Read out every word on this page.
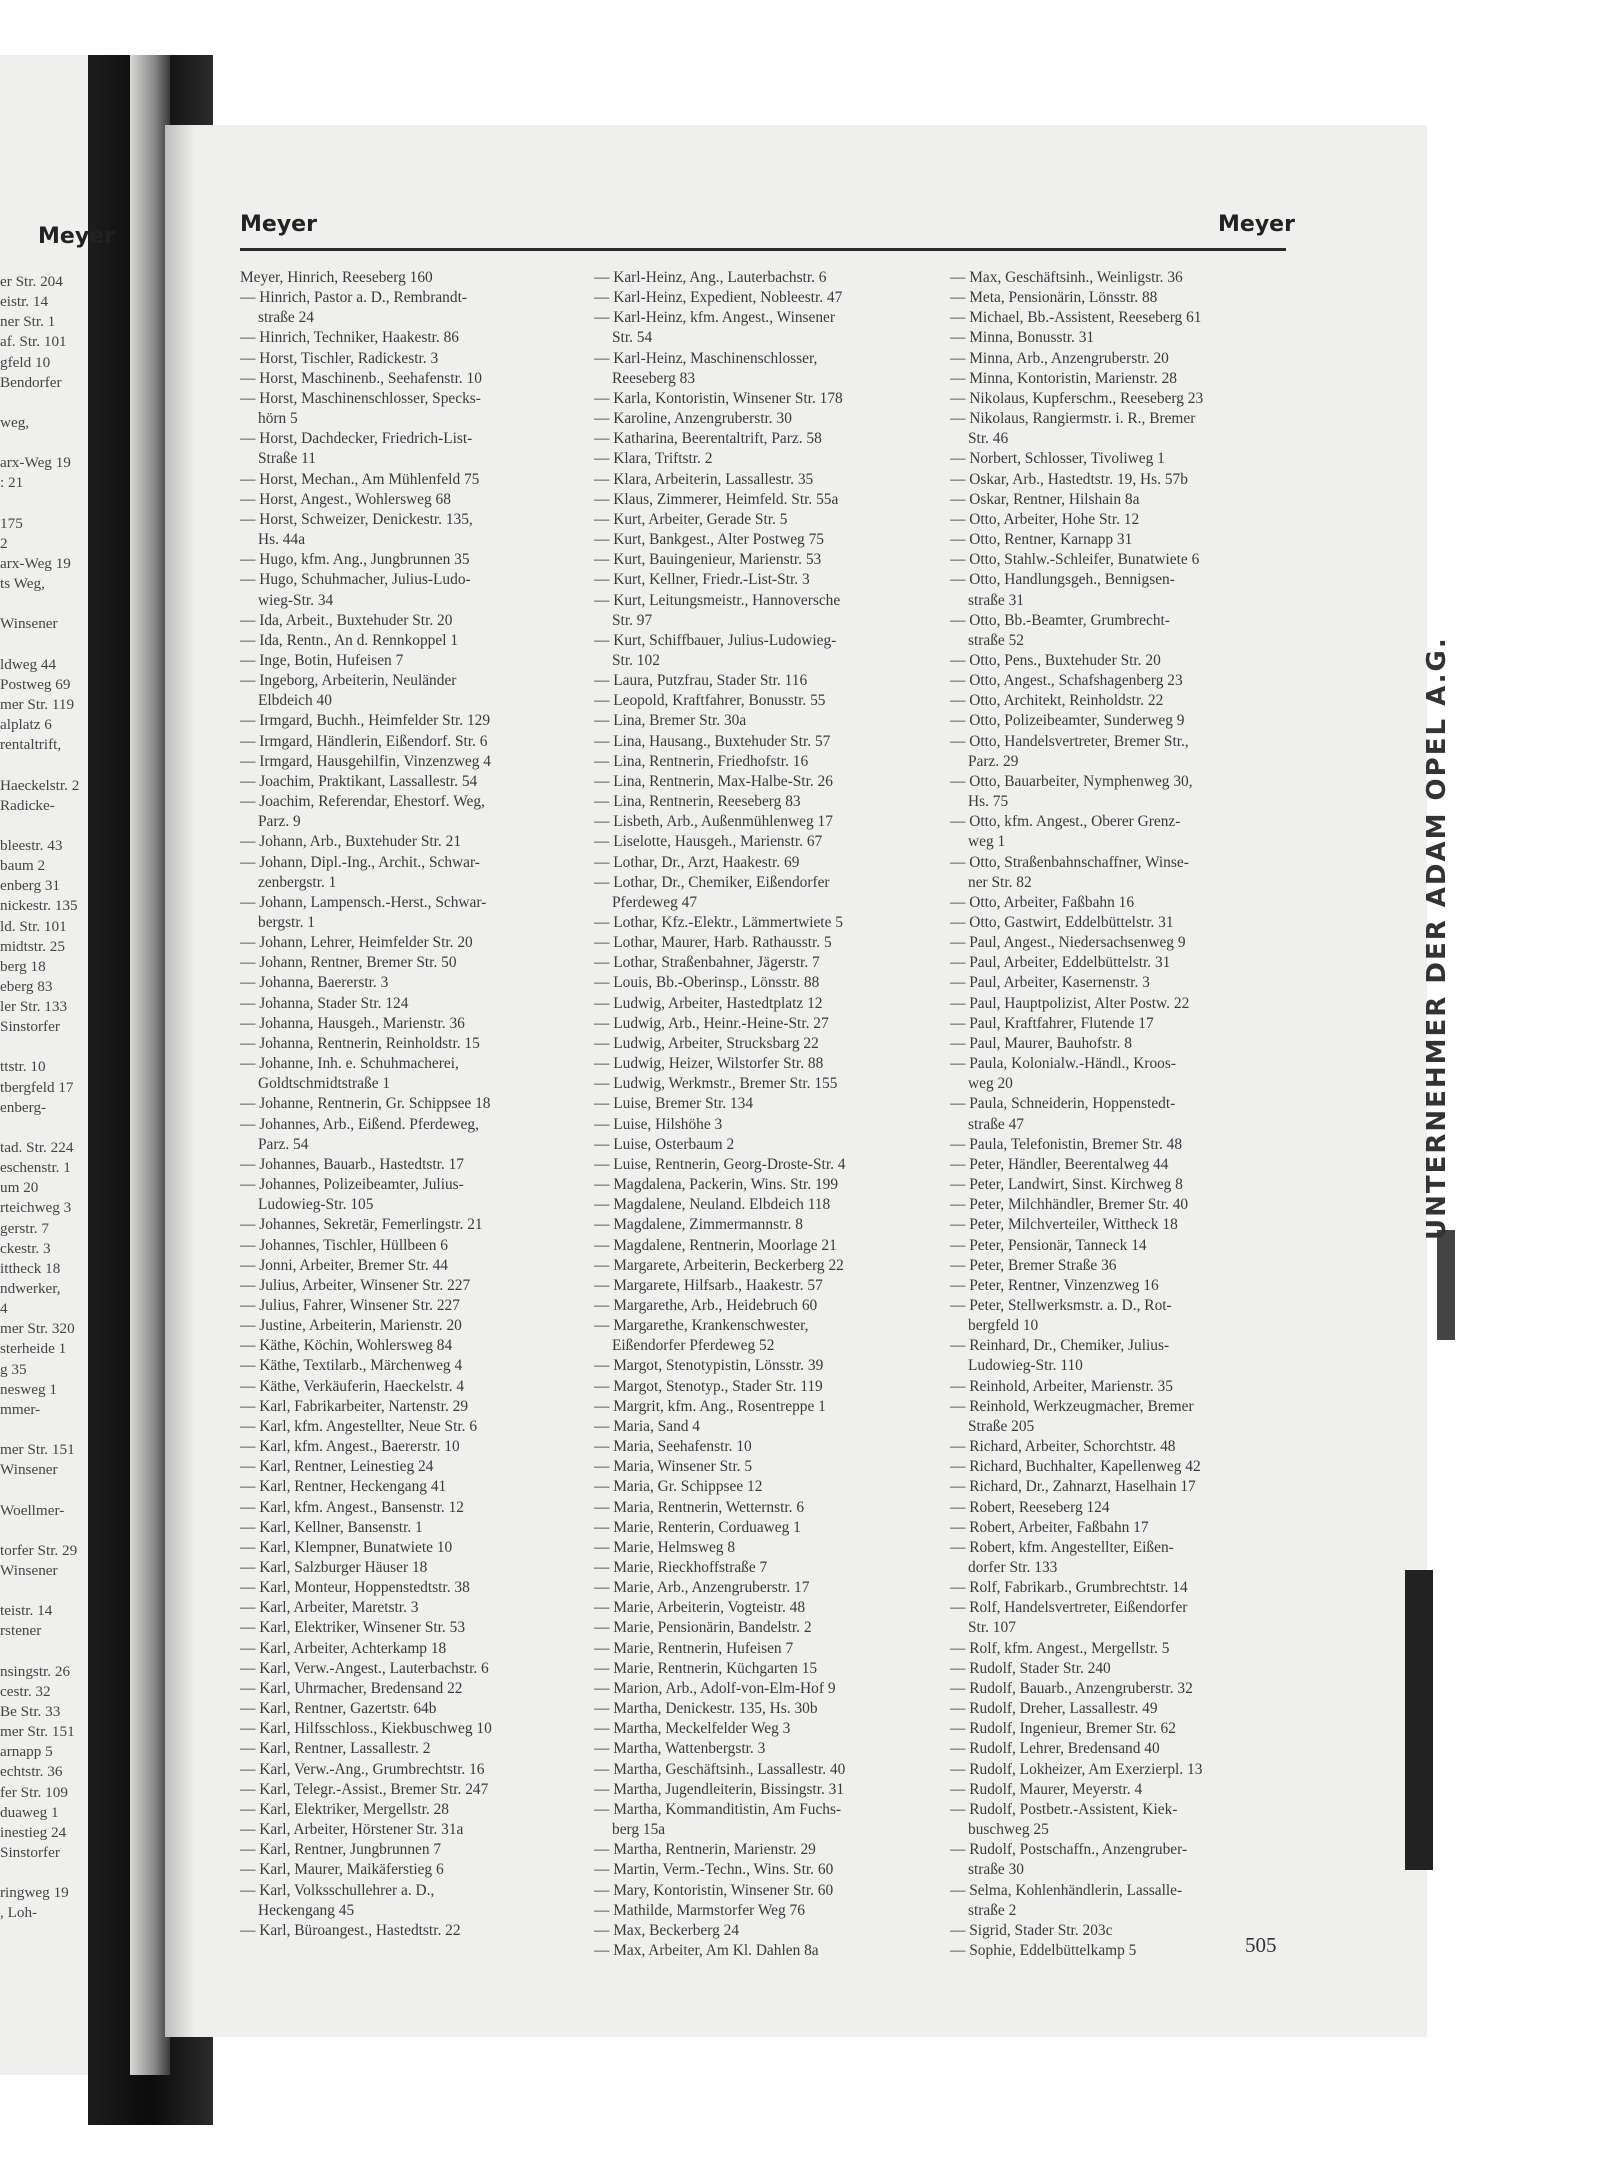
Meyer
er Str. 204
eistr. 14
ner Str. 1
af. Str. 101
gfeld 10
Bendorfer
weg,
arx-Weg 19
: 21
175
2
arx-Weg 19
ts Weg,
Winsener
ldweg 44
Postweg 69
mer Str. 119
alplatz 6
rentaltrift,
Haeckelstr. 2
Radicke-
bleestr. 43
baum 2
enberg 31
nickestr. 135
ld. Str. 101
midtstr. 25
berg 18
eberg 83
ler Str. 133
Sinstorfer
ttstr. 10
tbergfeld 17
enberg-
tad. Str. 224
eschenstr. 1
um 20
rteichweg 3
gerstr. 7
ckestr. 3
ittheck 18
ndwerker,
4
mer Str. 320
sterheide 1
g 35
nesweg 1
mmer-
mer Str. 151
Winsener
Woellmer-
torfer Str. 29
Winsener
teistr. 14
rstener
nsingstr. 26
cestr. 32
Be Str. 33
mer Str. 151
arnapp 5
echtstr. 36
fer Str. 109
duaweg 1
inestieg 24
Sinstorfer
ringweg 19
, Loh-
Meyer	Meyer
Meyer, Hinrich, Reeseberg 160
— Hinrich, Pastor a. D., Rembrandt-
straße 24
— Hinrich, Techniker, Haakestr. 86
— Horst, Tischler, Radickestr. 3
— Horst, Maschinenb., Seehafenstr. 10
— Horst, Maschinenschlosser, Specks-
hörn 5
— Horst, Dachdecker, Friedrich-List-
Straße 11
— Horst, Mechan., Am Mühlenfeld 75
— Horst, Angest., Wohlersweg 68
— Horst, Schweizer, Denickestr. 135,
Hs. 44a
— Hugo, kfm. Ang., Jungbrunnen 35
— Hugo, Schuhmacher, Julius-Ludo-
wieg-Str. 34
— Ida, Arbeit., Buxtehuder Str. 20
— Ida, Rentn., An d. Rennkoppel 1
— Inge, Botin, Hufeisen 7
— Ingeborg, Arbeiterin, Neuländer
Elbdeich 40
— Irmgard, Buchh., Heimfelder Str. 129
— Irmgard, Händlerin, Eißendorf. Str. 6
— Irmgard, Hausgehilfin, Vinzenzweg 4
— Joachim, Praktikant, Lassallestr. 54
— Joachim, Referendar, Ehestorf. Weg,
Parz. 9
— Johann, Arb., Buxtehuder Str. 21
— Johann, Dipl.-Ing., Archit., Schwar-
zenbergstr. 1
— Johann, Lampensch.-Herst., Schwar-
bergstr. 1
— Johann, Lehrer, Heimfelder Str. 20
— Johann, Rentner, Bremer Str. 50
— Johanna, Baererstr. 3
— Johanna, Stader Str. 124
— Johanna, Hausgeh., Marienstr. 36
— Johanna, Rentnerin, Reinholdstr. 15
— Johanne, Inh. e. Schuhmacherei,
Goldtschmidtstraße 1
— Johanne, Rentnerin, Gr. Schippsee 18
— Johannes, Arb., Eißend. Pferdeweg,
Parz. 54
— Johannes, Bauarb., Hastedtstr. 17
— Johannes, Polizeibeamter, Julius-
Ludowieg-Str. 105
— Johannes, Sekretär, Femerlingstr. 21
— Johannes, Tischler, Hüllbeen 6
— Jonni, Arbeiter, Bremer Str. 44
— Julius, Arbeiter, Winsener Str. 227
— Julius, Fahrer, Winsener Str. 227
— Justine, Arbeiterin, Marienstr. 20
— Käthe, Köchin, Wohlersweg 84
— Käthe, Textilarb., Märchenweg 4
— Käthe, Verkäuferin, Haeckelstr. 4
— Karl, Fabrikarbeiter, Nartenstr. 29
— Karl, kfm. Angestellter, Neue Str. 6
— Karl, kfm. Angest., Baererstr. 10
— Karl, Rentner, Leinestieg 24
— Karl, Rentner, Heckengang 41
— Karl, kfm. Angest., Bansenstr. 12
— Karl, Kellner, Bansenstr. 1
— Karl, Klempner, Bunatwiete 10
— Karl, Salzburger Häuser 18
— Karl, Monteur, Hoppenstedtstr. 38
— Karl, Arbeiter, Maretstr. 3
— Karl, Elektriker, Winsener Str. 53
— Karl, Arbeiter, Achterkamp 18
— Karl, Verw.-Angest., Lauterbachstr. 6
— Karl, Uhrmacher, Bredensand 22
— Karl, Rentner, Gazertstr. 64b
— Karl, Hilfsschloss., Kiekbuschweg 10
— Karl, Rentner, Lassallestr. 2
— Karl, Verw.-Ang., Grumbrechtstr. 16
— Karl, Telegr.-Assist., Bremer Str. 247
— Karl, Elektriker, Mergellstr. 28
— Karl, Arbeiter, Hörstener Str. 31a
— Karl, Rentner, Jungbrunnen 7
— Karl, Maurer, Maikäferstieg 6
— Karl, Volksschullehrer a. D.,
Heckengang 45
— Karl, Büroangest., Hastedtstr. 22
— Karl-Heinz, Ang., Lauterbachstr. 6
— Karl-Heinz, Expedient, Nobleestr. 47
— Karl-Heinz, kfm. Angest., Winsener
Str. 54
— Karl-Heinz, Maschinenschlosser,
Reeseberg 83
— Karla, Kontoristin, Winsener Str. 178
— Karoline, Anzengruberstr. 30
— Katharina, Beerentaltrift, Parz. 58
— Klara, Triftstr. 2
— Klara, Arbeiterin, Lassallestr. 35
— Klaus, Zimmerer, Heimfeld. Str. 55a
— Kurt, Arbeiter, Gerade Str. 5
— Kurt, Bankgest., Alter Postweg 75
— Kurt, Bauingenieur, Marienstr. 53
— Kurt, Kellner, Friedr.-List-Str. 3
— Kurt, Leitungsmeistr., Hannoversche
Str. 97
— Kurt, Schiffbauer, Julius-Ludowieg-
Str. 102
— Laura, Putzfrau, Stader Str. 116
— Leopold, Kraftfahrer, Bonusstr. 55
— Lina, Bremer Str. 30a
— Lina, Hausang., Buxtehuder Str. 57
— Lina, Rentnerin, Friedhofstr. 16
— Lina, Rentnerin, Max-Halbe-Str. 26
— Lina, Rentnerin, Reeseberg 83
— Lisbeth, Arb., Außenmühlenweg 17
— Liselotte, Hausgeh., Marienstr. 67
— Lothar, Dr., Arzt, Haakestr. 69
— Lothar, Dr., Chemiker, Eißendorfer
Pferdeweg 47
— Lothar, Kfz.-Elektr., Lämmertwiete 5
— Lothar, Maurer, Harb. Rathausstr. 5
— Lothar, Straßenbahner, Jägerstr. 7
— Louis, Bb.-Oberinsp., Lönsstr. 88
— Ludwig, Arbeiter, Hastedtplatz 12
— Ludwig, Arb., Heinr.-Heine-Str. 27
— Ludwig, Arbeiter, Strucksbarg 22
— Ludwig, Heizer, Wilstorfer Str. 88
— Ludwig, Werkmstr., Bremer Str. 155
— Luise, Bremer Str. 134
— Luise, Hilshöhe 3
— Luise, Osterbaum 2
— Luise, Rentnerin, Georg-Droste-Str. 4
— Magdalena, Packerin, Wins. Str. 199
— Magdalene, Neuland. Elbdeich 118
— Magdalene, Zimmermannstr. 8
— Magdalene, Rentnerin, Moorlage 21
— Margarete, Arbeiterin, Beckerberg 22
— Margarete, Hilfsarb., Haakestr. 57
— Margarethe, Arb., Heidebruch 60
— Margarethe, Krankenschwester,
Eißendorfer Pferdeweg 52
— Margot, Stenotypistin, Lönsstr. 39
— Margot, Stenotyp., Stader Str. 119
— Margrit, kfm. Ang., Rosentreppe 1
— Maria, Sand 4
— Maria, Seehafenstr. 10
— Maria, Winsener Str. 5
— Maria, Gr. Schippsee 12
— Maria, Rentnerin, Wetternstr. 6
— Marie, Renterin, Corduaweg 1
— Marie, Helmsweg 8
— Marie, Rieckhoffstraße 7
— Marie, Arb., Anzengruberstr. 17
— Marie, Arbeiterin, Vogteistr. 48
— Marie, Pensionärin, Bandelstr. 2
— Marie, Rentnerin, Hufeisen 7
— Marie, Rentnerin, Küchgarten 15
— Marion, Arb., Adolf-von-Elm-Hof 9
— Martha, Denickestr. 135, Hs. 30b
— Martha, Meckelfelder Weg 3
— Martha, Wattenbergstr. 3
— Martha, Geschäftsinh., Lassallestr. 40
— Martha, Jugendleiterin, Bissingstr. 31
— Martha, Kommanditistin, Am Fuchs-
berg 15a
— Martha, Rentnerin, Marienstr. 29
— Martin, Verm.-Techn., Wins. Str. 60
— Mary, Kontoristin, Winsener Str. 60
— Mathilde, Marmstorfer Weg 76
— Max, Beckerberg 24
— Max, Arbeiter, Am Kl. Dahlen 8a
— Max, Geschäftsinh., Weinligstr. 36
— Meta, Pensionärin, Lönsstr. 88
— Michael, Bb.-Assistent, Reeseberg 61
— Minna, Bonusstr. 31
— Minna, Arb., Anzengruberstr. 20
— Minna, Kontoristin, Marienstr. 28
— Nikolaus, Kupferschm., Reeseberg 23
— Nikolaus, Rangiermstr. i. R., Bremer
Str. 46
— Norbert, Schlosser, Tivoliweg 1
— Oskar, Arb., Hastedtstr. 19, Hs. 57b
— Oskar, Rentner, Hilshain 8a
— Otto, Arbeiter, Hohe Str. 12
— Otto, Rentner, Karnapp 31
— Otto, Stahlw.-Schleifer, Bunatwiete 6
— Otto, Handlungsgeh., Bennigsen-
straße 31
— Otto, Bb.-Beamter, Grumbrecht-
straße 52
— Otto, Pens., Buxtehuder Str. 20
— Otto, Angest., Schafshagenberg 23
— Otto, Architekt, Reinholdstr. 22
— Otto, Polizeibeamter, Sunderweg 9
— Otto, Handelsvertreter, Bremer Str.,
Parz. 29
— Otto, Bauarbeiter, Nymphenweg 30,
Hs. 75
— Otto, kfm. Angest., Oberer Grenz-
weg 1
— Otto, Straßenbahnschaffner, Winse-
ner Str. 82
— Otto, Arbeiter, Faßbahn 16
— Otto, Gastwirt, Eddelbüttelstr. 31
— Paul, Angest., Niedersachsenweg 9
— Paul, Arbeiter, Eddelbüttelstr. 31
— Paul, Arbeiter, Kasernenstr. 3
— Paul, Hauptpolizist, Alter Postw. 22
— Paul, Kraftfahrer, Flutende 17
— Paul, Maurer, Bauhofstr. 8
— Paula, Kolonialw.-Händl., Kroos-
weg 20
— Paula, Schneiderin, Hoppenstedt-
straße 47
— Paula, Telefonistin, Bremer Str. 48
— Peter, Händler, Beerentalweg 44
— Peter, Landwirt, Sinst. Kirchweg 8
— Peter, Milchhändler, Bremer Str. 40
— Peter, Milchverteiler, Wittheck 18
— Peter, Pensionär, Tanneck 14
— Peter, Bremer Straße 36
— Peter, Rentner, Vinzenzweg 16
— Peter, Stellwerksmstr. a. D., Rot-
bergfeld 10
— Reinhard, Dr., Chemiker, Julius-
Ludowieg-Str. 110
— Reinhold, Arbeiter, Marienstr. 35
— Reinhold, Werkzeugmacher, Bremer
Straße 205
— Richard, Arbeiter, Schorchtstr. 48
— Richard, Buchhalter, Kapellenweg 42
— Richard, Dr., Zahnarzt, Haselhain 17
— Robert, Reeseberg 124
— Robert, Arbeiter, Faßbahn 17
— Robert, kfm. Angestellter, Eißen-
dorfer Str. 133
— Rolf, Fabrikarb., Grumbrechtstr. 14
— Rolf, Handelsvertreter, Eißendorfer
Str. 107
— Rolf, kfm. Angest., Mergellstr. 5
— Rudolf, Stader Str. 240
— Rudolf, Bauarb., Anzengruberstr. 32
— Rudolf, Dreher, Lassallestr. 49
— Rudolf, Ingenieur, Bremer Str. 62
— Rudolf, Lehrer, Bredensand 40
— Rudolf, Lokheizer, Am Exerzierpl. 13
— Rudolf, Maurer, Meyerstr. 4
— Rudolf, Postbetr.-Assistent, Kiek-
buschweg 25
— Rudolf, Postschaffn., Anzengruber-
straße 30
— Selma, Kohlenhändlerin, Lassalle-
straße 2
— Sigrid, Stader Str. 203c
— Sophie, Eddelbüttelkamp 5	505
UNTERNEHMER DER ADAM OPEL A.G.
